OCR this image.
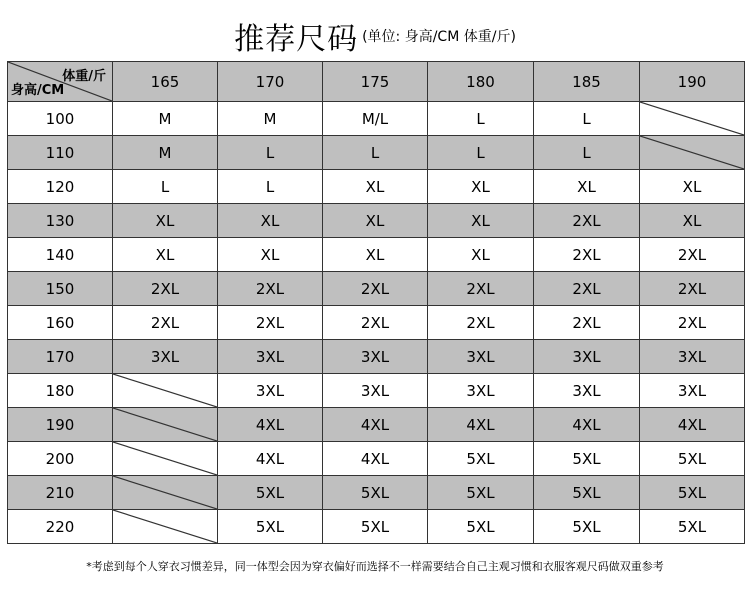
推荐尺码 (单位: 身高/CM 体重/斤)
体重/斤
身高/CM	165	170	175	180	185	190
100	M	M	M/L	L	L	

110	M	L	L	L	L	

120	L	L	XL	XL	XL	XL
130	XL	XL	XL	XL	2XL	XL
140	XL	XL	XL	XL	2XL	2XL
150	2XL	2XL	2XL	2XL	2XL	2XL
160	2XL	2XL	2XL	2XL	2XL	2XL
170	3XL	3XL	3XL	3XL	3XL	3XL
180		3XL	3XL	3XL	3XL	3XL
190		4XL	4XL	4XL	4XL	4XL
200		4XL	4XL	5XL	5XL	5XL
210		5XL	5XL	5XL	5XL	5XL
220		5XL	5XL	5XL	5XL	5XL
*考虑到每个人穿衣习惯差异，同一体型会因为穿衣偏好而选择不一样需要结合自己主观习惯和衣服客观尺码做双重参考
